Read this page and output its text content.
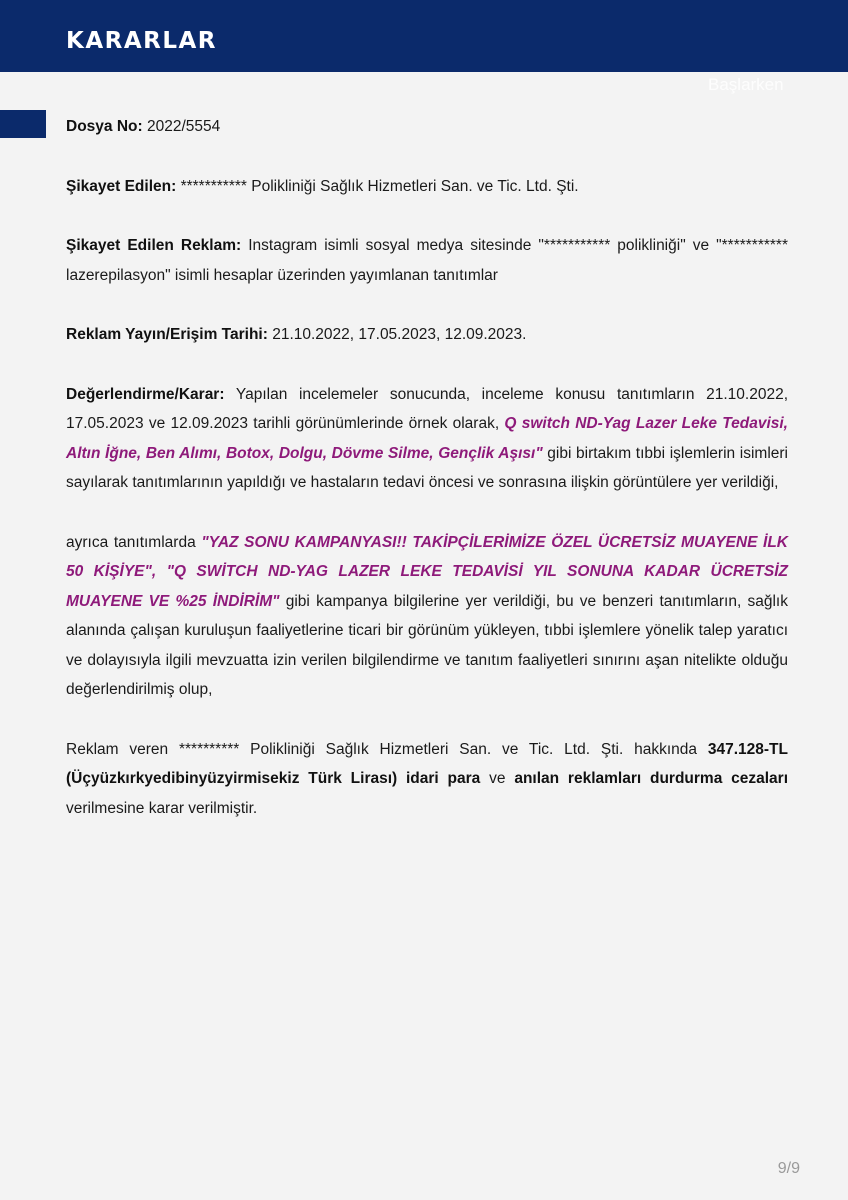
KARARLAR
Başlarken

Dosya No: 2022/5554

Şikayet Edilen: *********** Polikliniği Sağlık Hizmetleri San. ve Tic. Ltd. Şti.

Şikayet Edilen Reklam: Instagram isimli sosyal medya sitesinde "*********** polikliniği" ve "*********** lazerepilasyon" isimli hesaplar üzerinden yayımlanan tanıtımlar

Reklam Yayın/Erişim Tarihi: 21.10.2022, 17.05.2023, 12.09.2023.

Değerlendirme/Karar: Yapılan incelemeler sonucunda, inceleme konusu tanıtımların 21.10.2022, 17.05.2023 ve 12.09.2023 tarihli görünümlerinde örnek olarak, Q switch ND-Yag Lazer Leke Tedavisi, Altın İğne, Ben Alımı, Botox, Dolgu, Dövme Silme, Gençlik Aşısı" gibi birtakım tıbbi işlemlerin isimleri sayılarak tanıtımlarının yapıldığı ve hastaların tedavi öncesi ve sonrasına ilişkin görüntülere yer verildiği,

ayrıca tanıtımlarda "YAZ SONU KAMPANYASI!! TAKİPÇİLERİMİZE ÖZEL ÜCRETSİZ MUAYENE İLK 50 KİŞİYE", "Q SWİTCH ND-YAG LAZER LEKE TEDAVİSİ YIL SONUNA KADAR ÜCRETSİZ MUAYENE VE %25 İNDİRİM" gibi kampanya bilgilerine yer verildiği, bu ve benzeri tanıtımların, sağlık alanında çalışan kuruluşun faaliyetlerine ticari bir görünüm yükleyen, tıbbi işlemlere yönelik talep yaratıcı ve dolayısıyla ilgili mevzuatta izin verilen bilgilendirme ve tanıtım faaliyetleri sınırını aşan nitelikte olduğu değerlendirilmiş olup,

Reklam veren ********** Polikliniği Sağlık Hizmetleri San. ve Tic. Ltd. Şti. hakkında 347.128-TL (Üçyüzkırkyedibinyüzyirmisekiz Türk Lirası) idari para ve anılan reklamları durdurma cezaları verilmesine karar verilmiştir.

9/9
